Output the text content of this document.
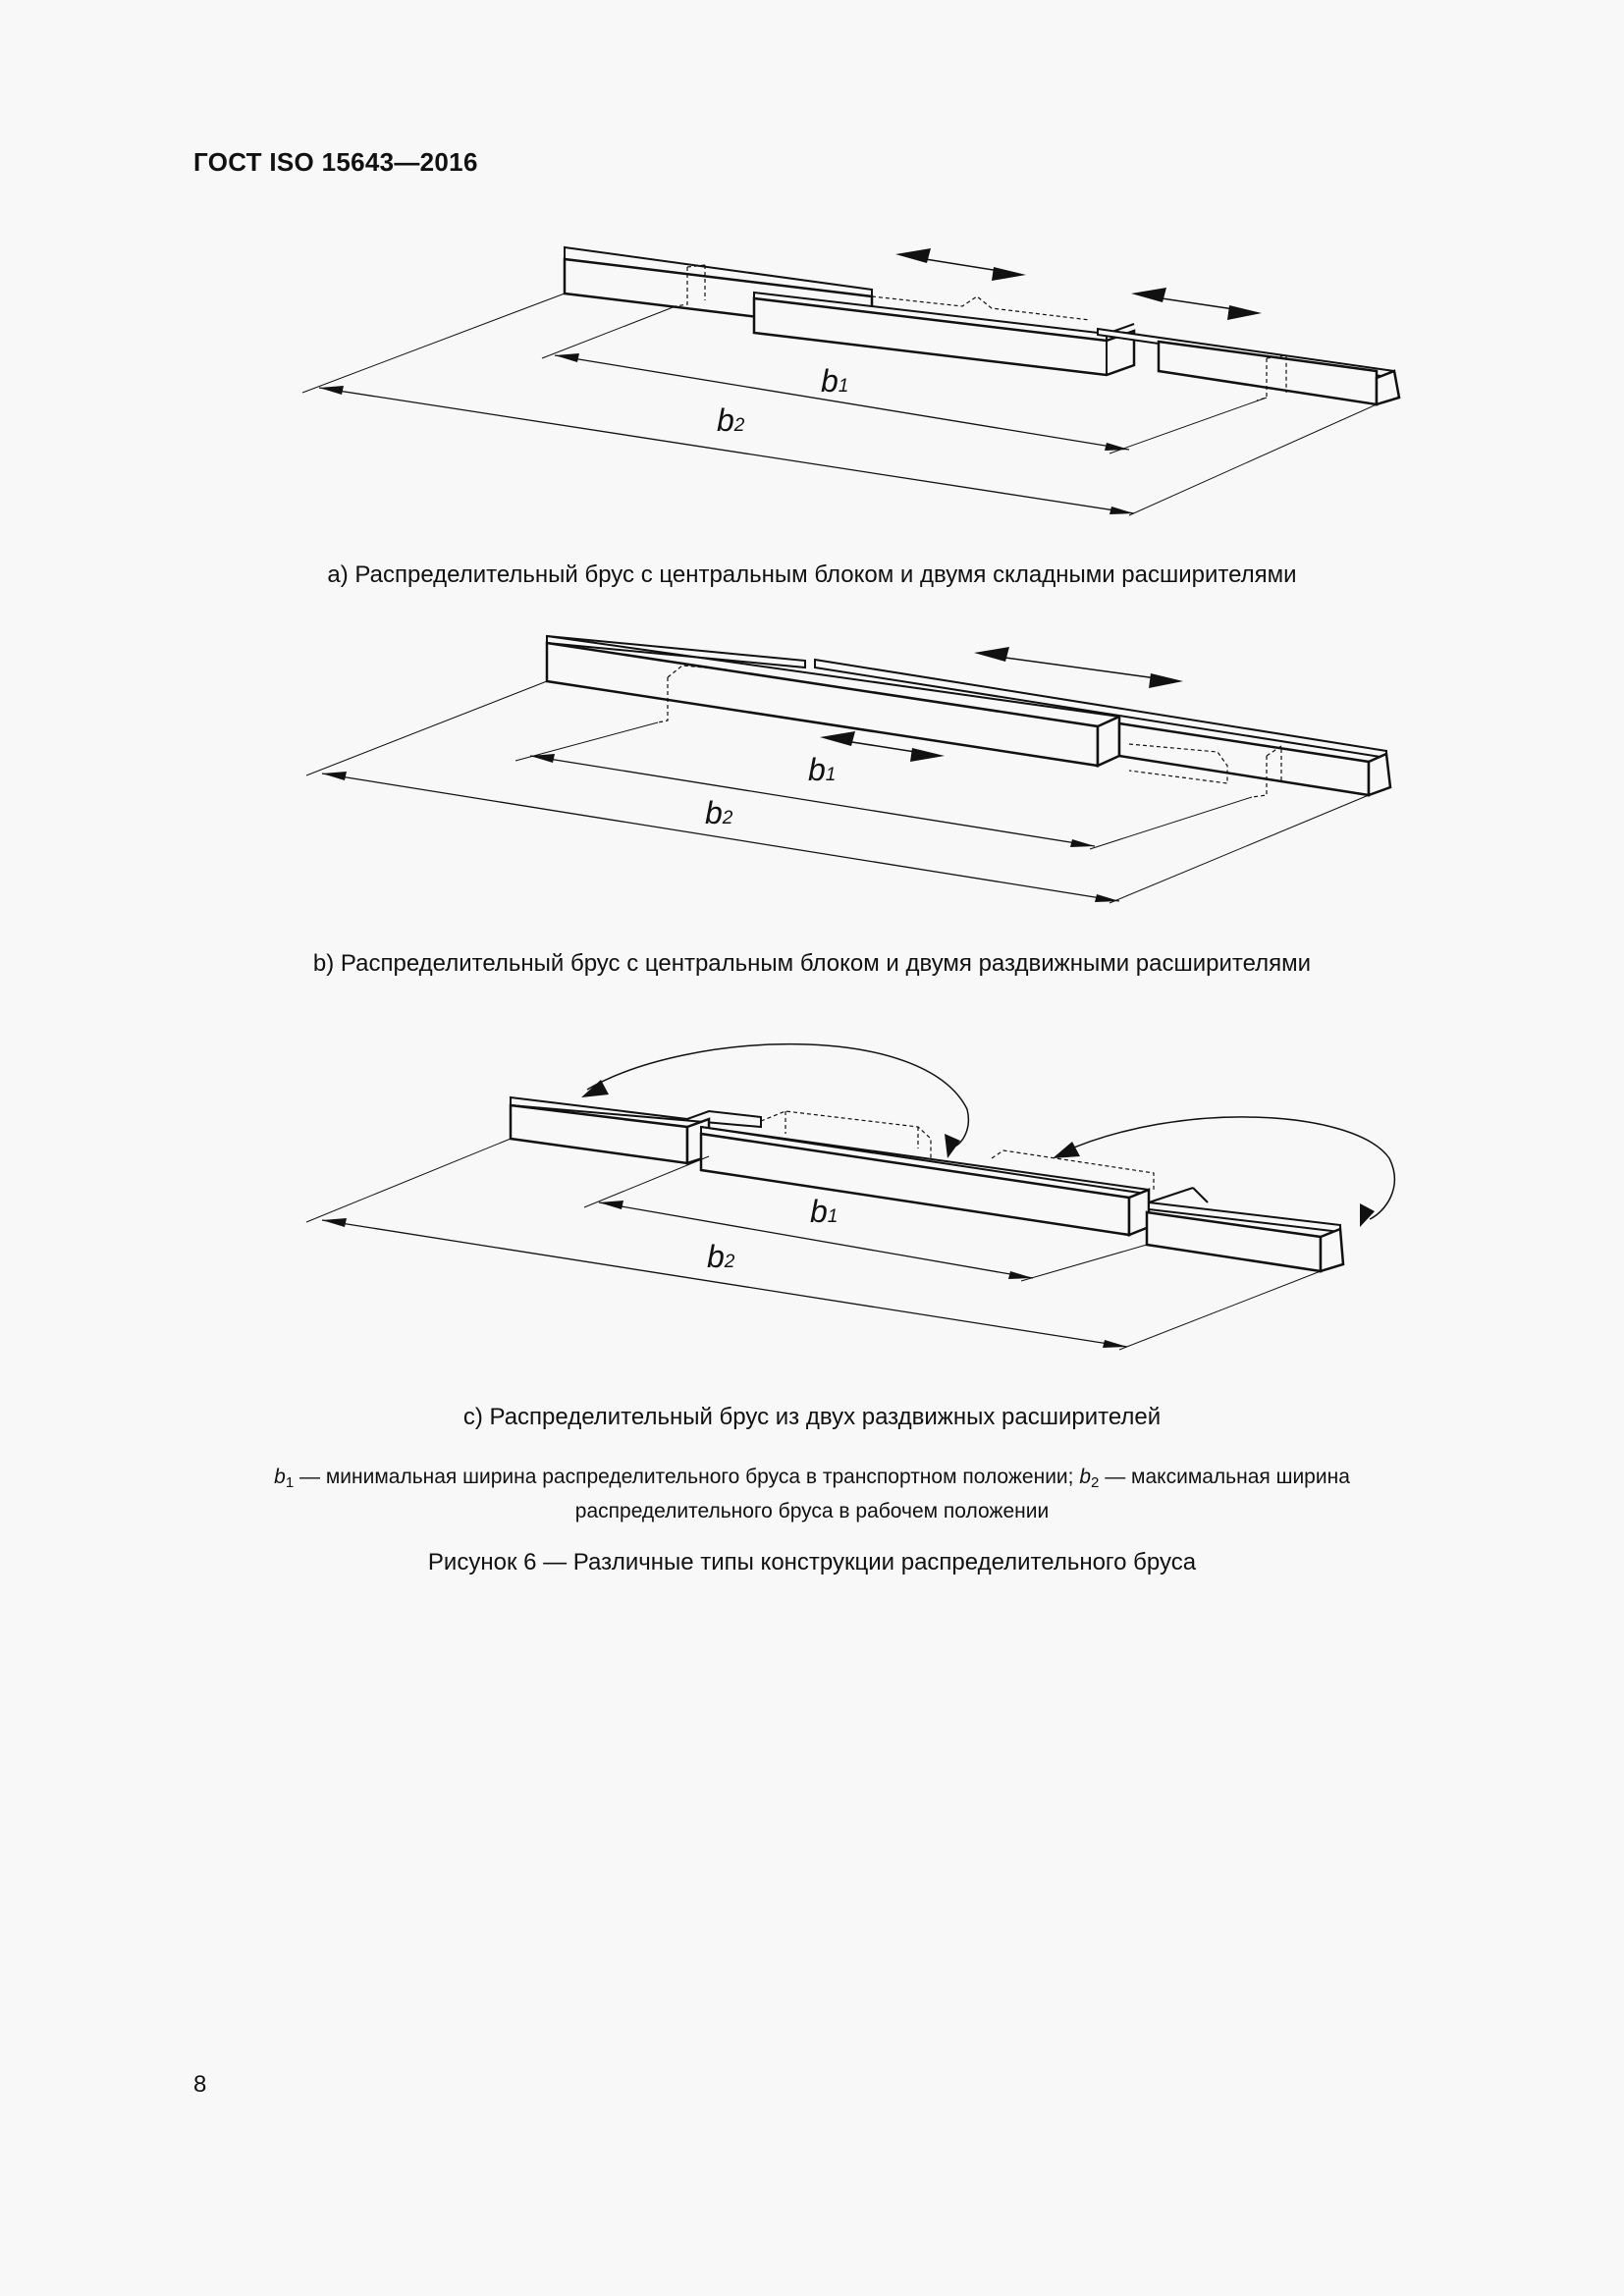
ГОСТ ISO 15643—2016
b1
b2
a) Распределительный брус с центральным блоком и двумя складными расширителями
b1
b2
b) Распределительный брус с центральным блоком и двумя раздвижными расширителями
b1
b2
c) Распределительный брус из двух раздвижных расширителей
$b_1$ — минимальная ширина распределительного бруса в транспортном положении; $b_2$ — максимальная ширина
распределительного бруса в рабочем положении
Рисунок 6 — Различные типы конструкции распределительного бруса
8
